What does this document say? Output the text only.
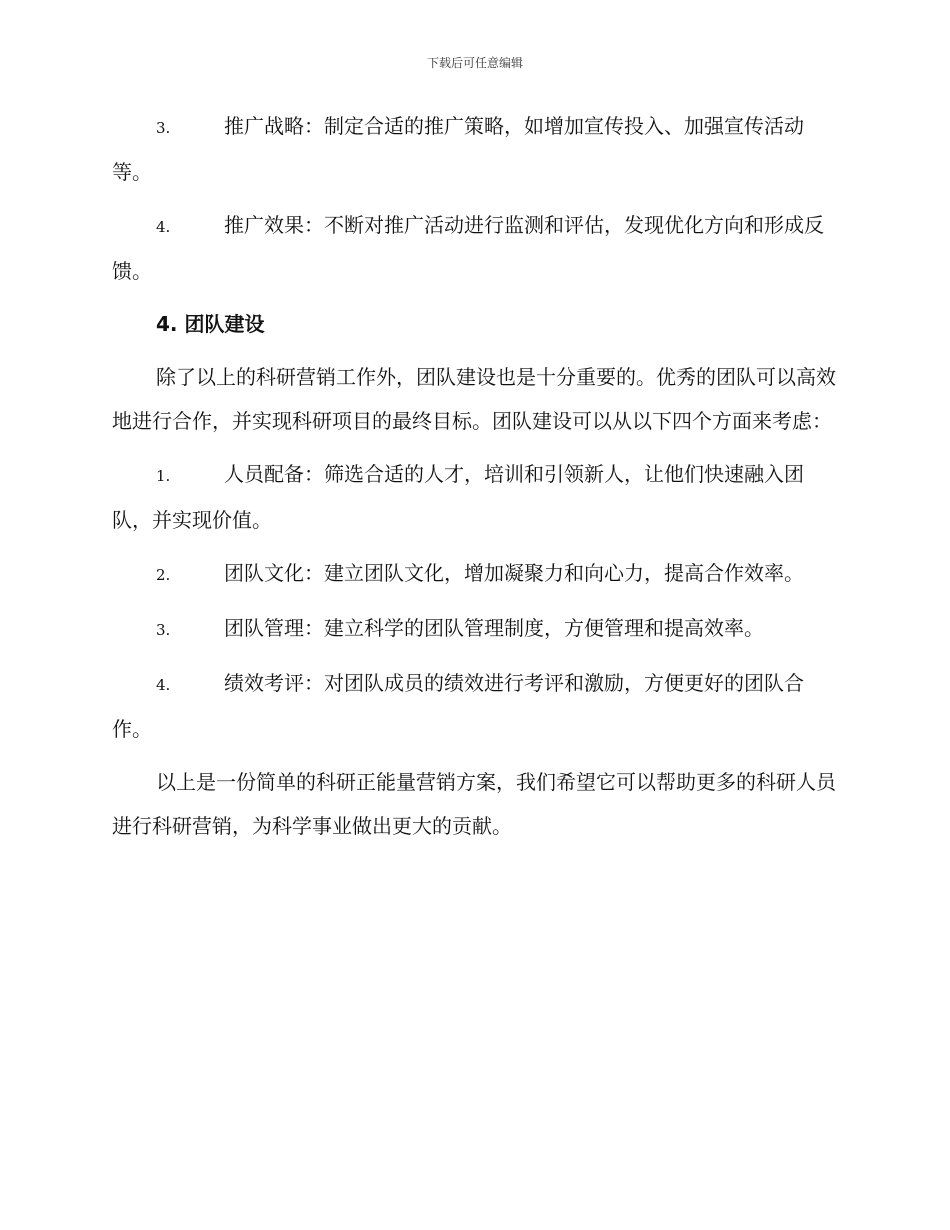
下载后可任意编辑

3.	推广战略：制定合适的推广策略，如增加宣传投入、加强宣传活动等。

4.	推广效果：不断对推广活动进行监测和评估，发现优化方向和形成反馈。

4. 团队建设

除了以上的科研营销工作外，团队建设也是十分重要的。优秀的团队可以高效地进行合作，并实现科研项目的最终目标。团队建设可以从以下四个方面来考虑：

1.	人员配备：筛选合适的人才，培训和引领新人，让他们快速融入团队，并实现价值。

2.	团队文化：建立团队文化，增加凝聚力和向心力，提高合作效率。

3.	团队管理：建立科学的团队管理制度，方便管理和提高效率。

4.	绩效考评：对团队成员的绩效进行考评和激励，方便更好的团队合作。

以上是一份简单的科研正能量营销方案，我们希望它可以帮助更多的科研人员进行科研营销，为科学事业做出更大的贡献。
